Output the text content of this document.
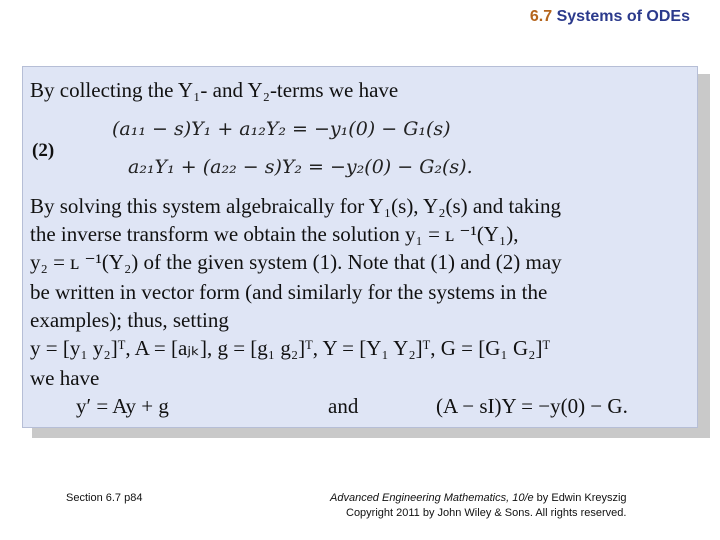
6.7 Systems of ODEs
By collecting the Y₁- and Y₂-terms we have
(2)
(a₁₁ − s)Y₁ + a₁₂Y₂ = −y₁(0) − G₁(s)
a₂₁Y₁ + (a₂₂ − s)Y₂ = −y₂(0) − G₂(s).
By solving this system algebraically for Y₁(s), Y₂(s) and taking
the inverse transform we obtain the solution y₁ = ʟ ⁻¹(Y₁),
y₂ = ʟ ⁻¹(Y₂) of the given system (1). Note that (1) and (2) may
be written in vector form (and similarly for the systems in the
examples); thus, setting
y = [y₁ y₂]ᵀ, A = [aⱼₖ], g = [g₁ g₂]ᵀ, Y = [Y₁ Y₂]ᵀ, G = [G₁ G₂]ᵀ
we have
y′ = Ay + g	and	(A − sI)Y = −y(0) − G.
Section 6.7 p84	Advanced Engineering Mathematics, 10/e by Edwin Kreyszig
Copyright 2011 by John Wiley & Sons. All rights reserved.
